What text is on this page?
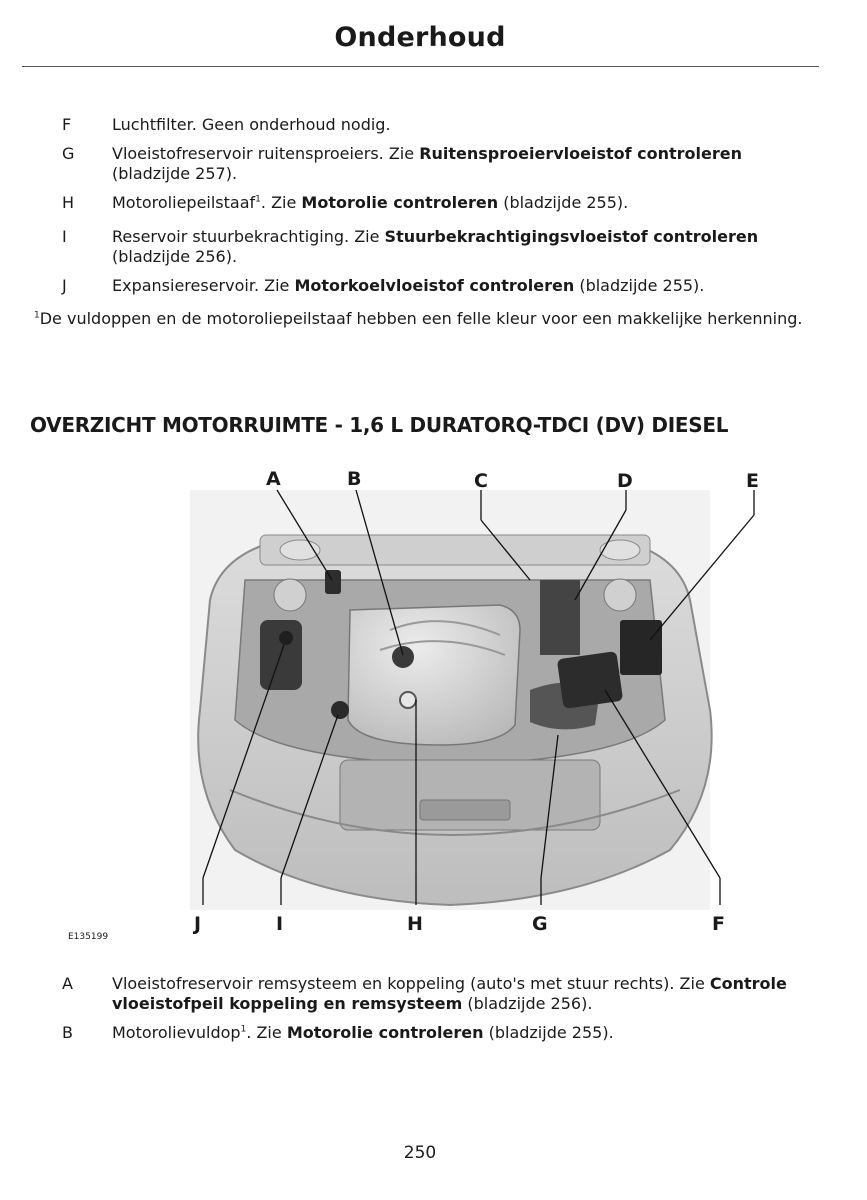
Onderhoud
F	Luchtfilter. Geen onderhoud nodig.
G	Vloeistofreservoir ruitensproeiers. Zie Ruitensproeiervloeistof controleren
(bladzijde 257).
H	Motoroliepeilstaaf$^1$. Zie Motorolie controleren (bladzijde 255).
I	Reservoir stuurbekrachtiging. Zie Stuurbekrachtigingsvloeistof controleren
(bladzijde 256).
J	Expansiereservoir. Zie Motorkoelvloeistof controleren (bladzijde 255).
$^1$De vuldoppen en de motoroliepeilstaaf hebben een felle kleur voor een makkelijke herkenning.
OVERZICHT MOTORRUIMTE - 1,6 L DURATORQ-TDCI (DV) DIESEL
A	B	C	D	E
J	I	H	G	F
E135199
A	Vloeistofreservoir remsysteem en koppeling (auto's met stuur rechts). Zie Controle vloeistofpeil koppeling en remsysteem (bladzijde 256).
B	Motorolievuldop$^1$. Zie Motorolie controleren (bladzijde 255).
250
